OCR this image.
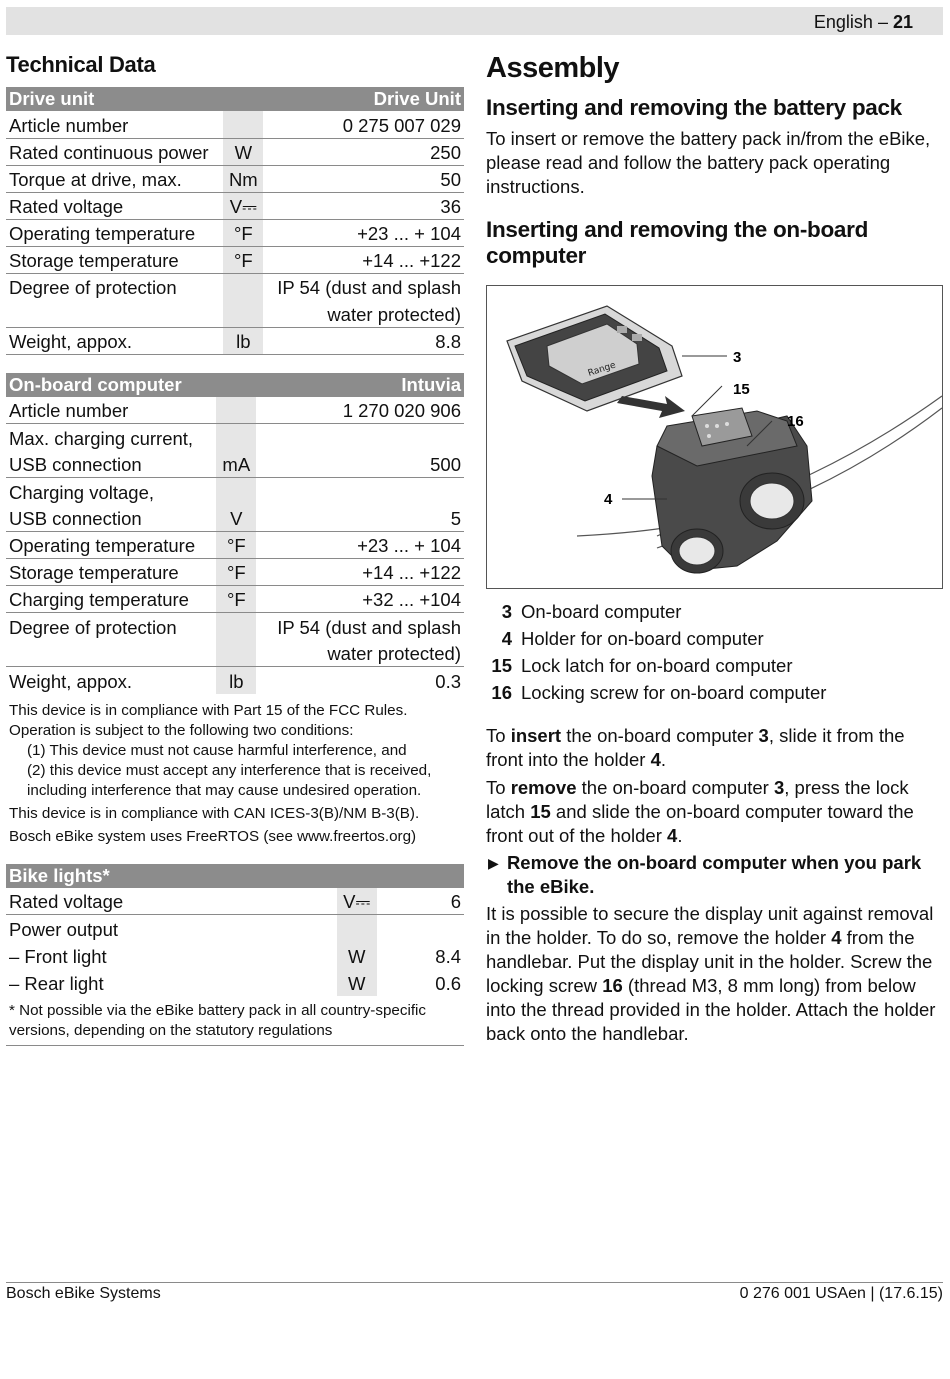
English – 21
Technical Data
Drive unit		Drive Unit
Article number		0 275 007 029
Rated continuous power	W	250
Torque at drive, max.	Nm	50
Rated voltage	V⎓	36
Operating temperature	°F	+23 ... + 104
Storage temperature	°F	+14 ... +122
Degree of protection		IP 54 (dust and splash
		water protected)
Weight, appox.	lb	8.8
On-board computer		Intuvia
Article number		1 270 020 906
Max. charging current,		
USB connection	mA	500
Charging voltage,		
USB connection	V	5
Operating temperature	°F	+23 ... + 104
Storage temperature	°F	+14 ... +122
Charging temperature	°F	+32 ... +104
Degree of protection		IP 54 (dust and splash
		water protected)
Weight, appox.	lb	0.3

This device is in compliance with Part 15 of the FCC Rules. Operation is subject to the following two conditions:

(1) This device must not cause harmful interference, and

(2) this device must accept any interference that is received, including interference that may cause undesired operation.

This device is in compliance with CAN ICES-3(B)/NM B-3(B).

Bosch eBike system uses FreeRTOS (see www.freertos.org)

Bike lights*		
Rated voltage	V⎓	6
Power output		
– Front light	W	8.4
– Rear light	W	0.6
* Not possible via the eBike battery pack in all country-specific versions, depending on the statutory regulations
Assembly
Inserting and removing the battery pack
To insert or remove the battery pack in/from the eBike, please read and follow the battery pack operating instructions.
Inserting and removing the on-board computer
Range
3
15
16
4
3 On-board computer
4 Holder for on-board computer
15 Lock latch for on-board computer
16 Locking screw for on-board computer
To insert the on-board computer 3, slide it from the front into the holder 4.
To remove the on-board computer 3, press the lock latch 15 and slide the on-board computer toward the front out of the holder 4.
▶ Remove the on-board computer when you park the eBike.
It is possible to secure the display unit against removal in the holder. To do so, remove the holder 4 from the handlebar. Put the display unit in the holder. Screw the locking screw 16 (thread M3, 8 mm long) from below into the thread provided in the holder. Attach the holder back onto the handlebar.
Bosch eBike Systems	0 276 001 USAen | (17.6.15)
